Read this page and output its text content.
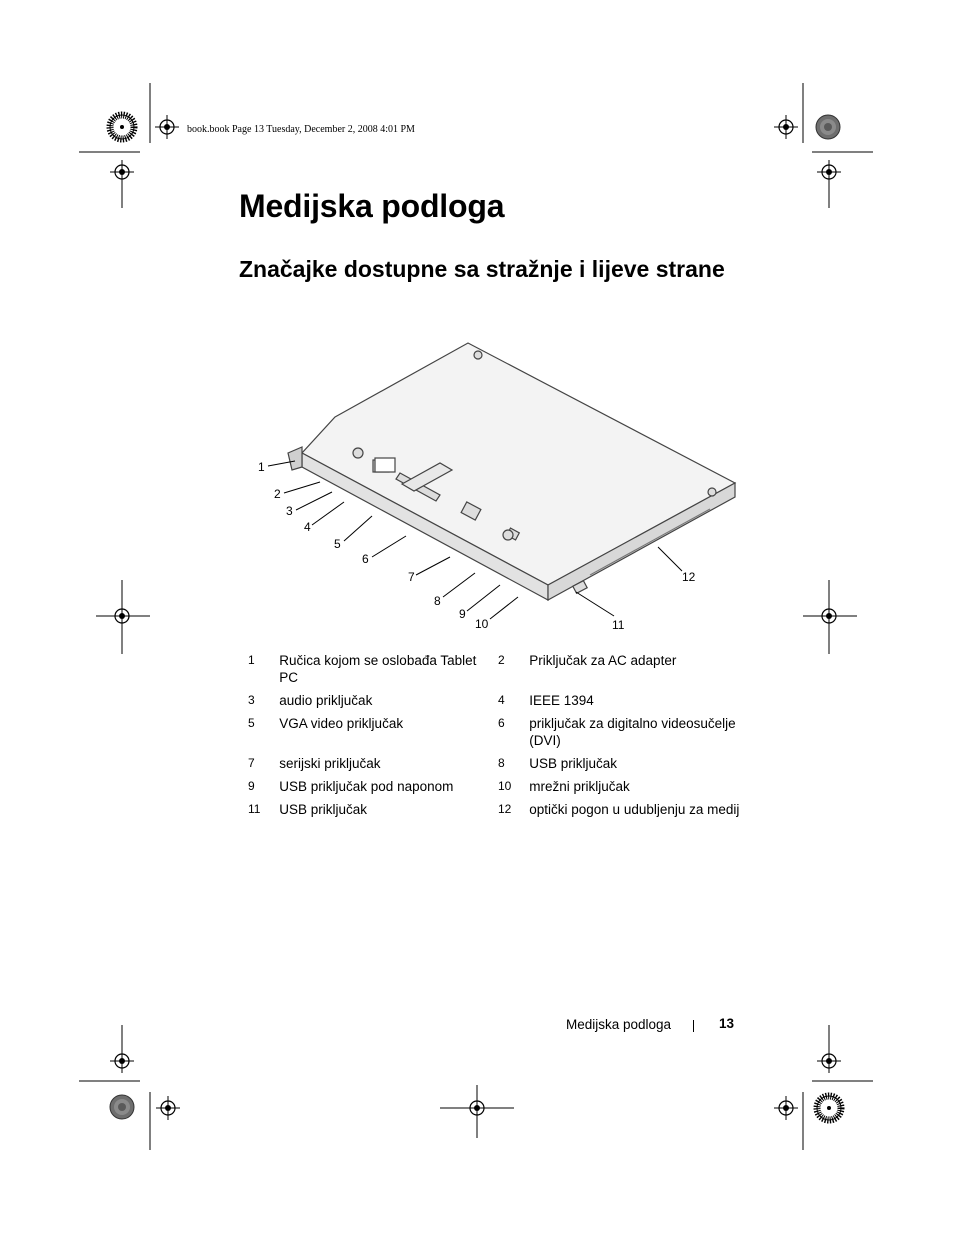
book.book Page 13 Tuesday, December 2, 2008 4:01 PM
Medijska podloga
Značajke dostupne sa stražnje i lijeve strane
1
2
3
4
5
6
7
8
9
10	11
12
1	Ručica kojom se oslobađa Tablet PC	2	Priključak za AC adapter
3	audio priključak	4	IEEE 1394
5	VGA video priključak	6	priključak za digitalno videosučelje (DVI)
7	serijski priključak	8	USB priključak
9	USB priključak pod naponom	10	mrežni priključak
11	USB priključak	12	optički pogon u udubljenju za medij
Medijska podloga	13
